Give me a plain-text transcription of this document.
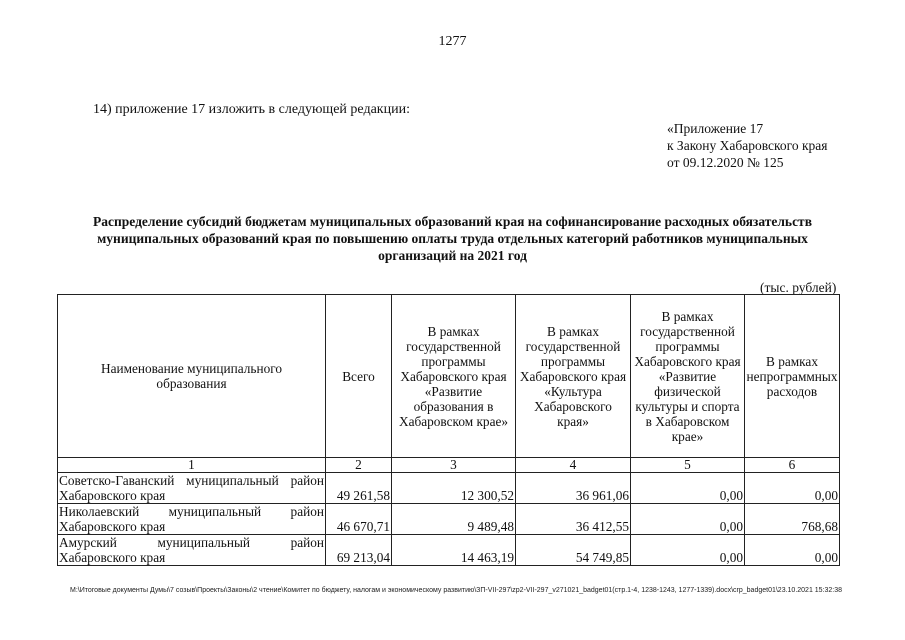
1277
14) приложение 17 изложить в следующей редакции:
«Приложение 17
к Закону Хабаровского края
от 09.12.2020 № 125
Распределение субсидий бюджетам муниципальных образований края на софинансирование расходных обязательств
муниципальных образований края по повышению оплаты труда отдельных категорий работников муниципальных
организаций на 2021 год
(тыс. рублей)
Наименование муниципального образования	Всего	В рамках государственной программы Хабаровского края «Развитие образования в Хабаровском крае»	В рамках государственной программы Хабаровского края «Культура Хабаровского края»	В рамках государственной программы Хабаровского края «Развитие физической культуры и спорта в Хабаровском крае»	В рамках непрограммных расходов
1	2	3	4	5	6

Советско-Гаванский муниципальный район
Хабаровского края	49 261,58	12 300,52	36 961,06	0,00	0,00

Николаевский муниципальный район
Хабаровского края	46 670,71	9 489,48	36 412,55	0,00	768,68

Амурский муниципальный район
Хабаровского края	69 213,04	14 463,19	54 749,85	0,00	0,00
M:\Итоговые документы Думы\7 созыв\Проекты\Законы\2 чтение\Комитет по бюджету, налогам и экономическому развитию\ЗП-VII-297\zp2-VII-297_v271021_badget01(стр.1-4, 1238-1243, 1277-1339).docx\сrp_badget01\23.10.2021 15:32:38
